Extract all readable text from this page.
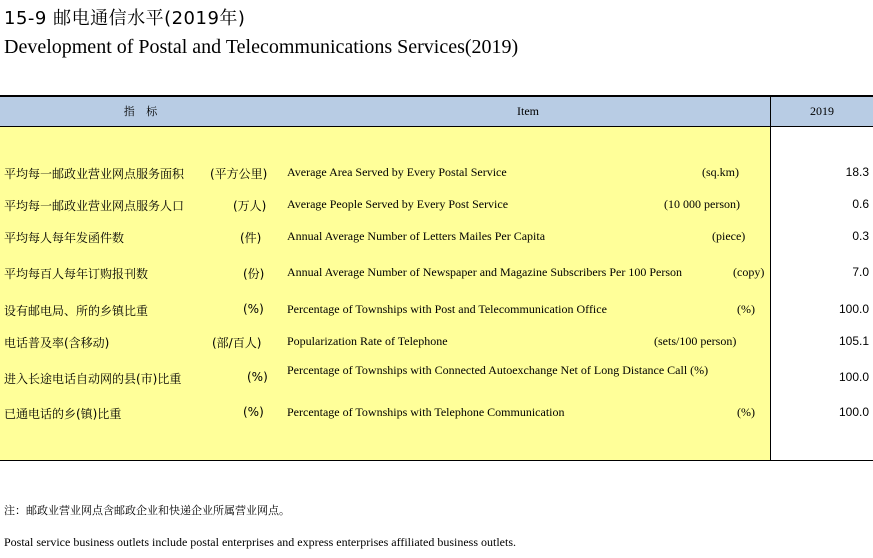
15-9 邮电通信水平(2019年)
Development of Postal and Telecommunications Services(2019)
指 标	Item	2019
平均每一邮政业营业网点服务面积 (平方公里) Average Area Served by Every Postal Service	(sq.km)	18.3
平均每一邮政业营业网点服务人口	(万人) Average People Served by Every Post Service	(10 000 person)	0.6
平均每人每年发函件数	(件) Annual Average Number of Letters Mailes Per Capita	(piece)	0.3
平均每百人每年订购报刊数	(份) Annual Average Number of Newspaper and Magazine Subscribers Per 100 Person	(copy)	7.0
设有邮电局、所的乡镇比重	(%) Percentage of Townships with Post and Telecommunication Office	(%)	100.0
电话普及率(含移动)	(部/百人) Popularization Rate of Telephone	(sets/100 person)	105.1
进入长途电话自动网的县(市)比重	(%) Percentage of Townships with Connected Autoexchange Net of Long Distance Call (%)	100.0
已通电话的乡(镇)比重	(%) Percentage of Townships with Telephone Communication	(%)	100.0
注：邮政业营业网点含邮政企业和快递企业所属营业网点。
Postal service business outlets include postal enterprises and express enterprises affiliated business outlets.
